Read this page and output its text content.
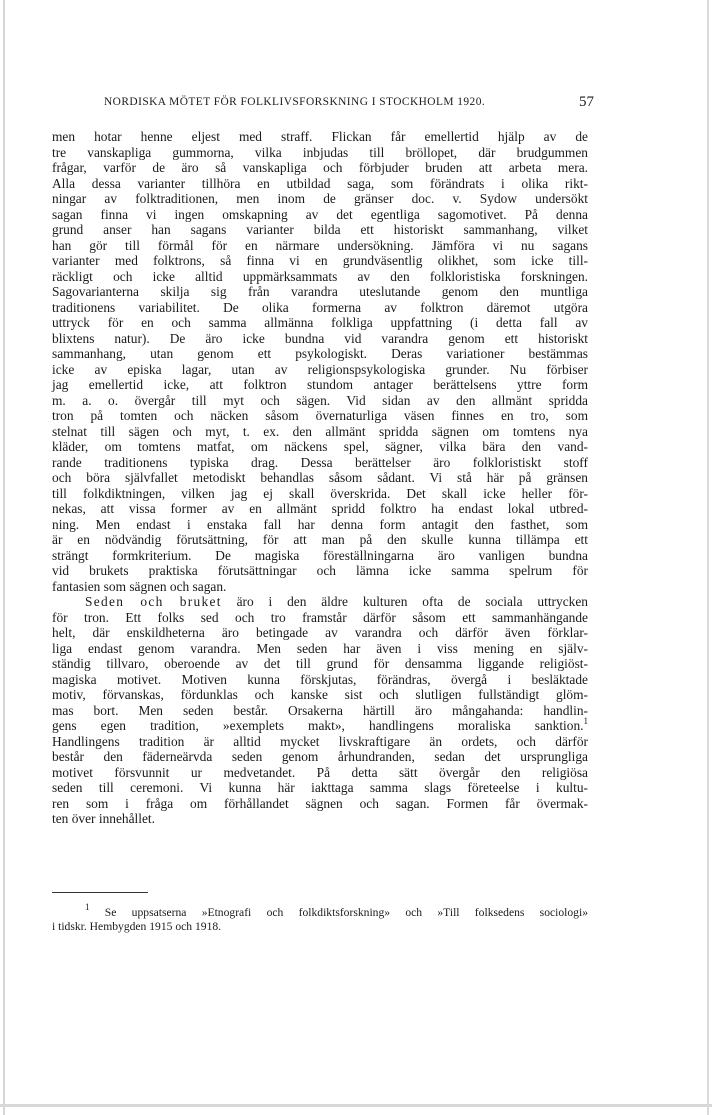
NORDISKA MÖTET FÖR FOLKLIVSFORSKNING I STOCKHOLM 1920.	57
men hotar henne eljest med straff. Flickan får emellertid hjälp av de
tre vanskapliga gummorna, vilka inbjudas till bröllopet, där brudgummen
frågar, varför de äro så vanskapliga och förbjuder bruden att arbeta mera.
Alla dessa varianter tillhöra en utbildad saga, som förändrats i olika rikt-
ningar av folktraditionen, men inom de gränser doc. v. Sydow undersökt
sagan finna vi ingen omskapning av det egentliga sagomotivet. På denna
grund anser han sagans varianter bilda ett historiskt sammanhang, vilket
han gör till förmål för en närmare undersökning. Jämföra vi nu sagans
varianter med folktrons, så finna vi en grundväsentlig olikhet, som icke till-
räckligt och icke alltid uppmärksammats av den folkloristiska forskningen.
Sagovarianterna skilja sig från varandra uteslutande genom den muntliga
traditionens variabilitet. De olika formerna av folktron däremot utgöra
uttryck för en och samma allmänna folkliga uppfattning (i detta fall av
blixtens natur). De äro icke bundna vid varandra genom ett historiskt
sammanhang, utan genom ett psykologiskt. Deras variationer bestämmas
icke av episka lagar, utan av religionspsykologiska grunder. Nu förbiser
jag emellertid icke, att folktron stundom antager berättelsens yttre form
m. a. o. övergår till myt och sägen. Vid sidan av den allmänt spridda
tron på tomten och näcken såsom övernaturliga väsen finnes en tro, som
stelnat till sägen och myt, t. ex. den allmänt spridda sägnen om tomtens nya
kläder, om tomtens matfat, om näckens spel, sägner, vilka bära den vand-
rande traditionens typiska drag. Dessa berättelser äro folkloristiskt stoff
och böra självfallet metodiskt behandlas såsom sådant. Vi stå här på gränsen
till folkdiktningen, vilken jag ej skall överskrida. Det skall icke heller för-
nekas, att vissa former av en allmänt spridd folktro ha endast lokal utbred-
ning. Men endast i enstaka fall har denna form antagit den fasthet, som
är en nödvändig förutsättning, för att man på den skulle kunna tillämpa ett
strängt formkriterium. De magiska föreställningarna äro vanligen bundna
vid brukets praktiska förutsättningar och lämna icke samma spelrum för
fantasien som sägnen och sagan.
Seden och bruket äro i den äldre kulturen ofta de sociala uttrycken
för tron. Ett folks sed och tro framstår därför såsom ett sammanhängande
helt, där enskildheterna äro betingade av varandra och därför även förklar-
liga endast genom varandra. Men seden har även i viss mening en själv-
ständig tillvaro, oberoende av det till grund för densamma liggande religiöst-
magiska motivet. Motiven kunna förskjutas, förändras, övergå i besläktade
motiv, förvanskas, fördunklas och kanske sist och slutligen fullständigt glöm-
mas bort. Men seden består. Orsakerna härtill äro mångahanda: handlin-
gens egen tradition, »exemplets makt», handlingens moraliska sanktion.$^1$
Handlingens tradition är alltid mycket livskraftigare än ordets, och därför
består den fäderneärvda seden genom århundranden, sedan det ursprungliga
motivet försvunnit ur medvetandet. På detta sätt övergår den religiösa
seden till ceremoni. Vi kunna här iakttaga samma slags företeelse i kultu-
ren som i fråga om förhållandet sägnen och sagan. Formen får övermak-
ten över innehållet.
$^1$ Se uppsatserna »Etnografi och folkdiktsforskning» och »Till folksedens sociologi»
i tidskr. Hembygden 1915 och 1918.
